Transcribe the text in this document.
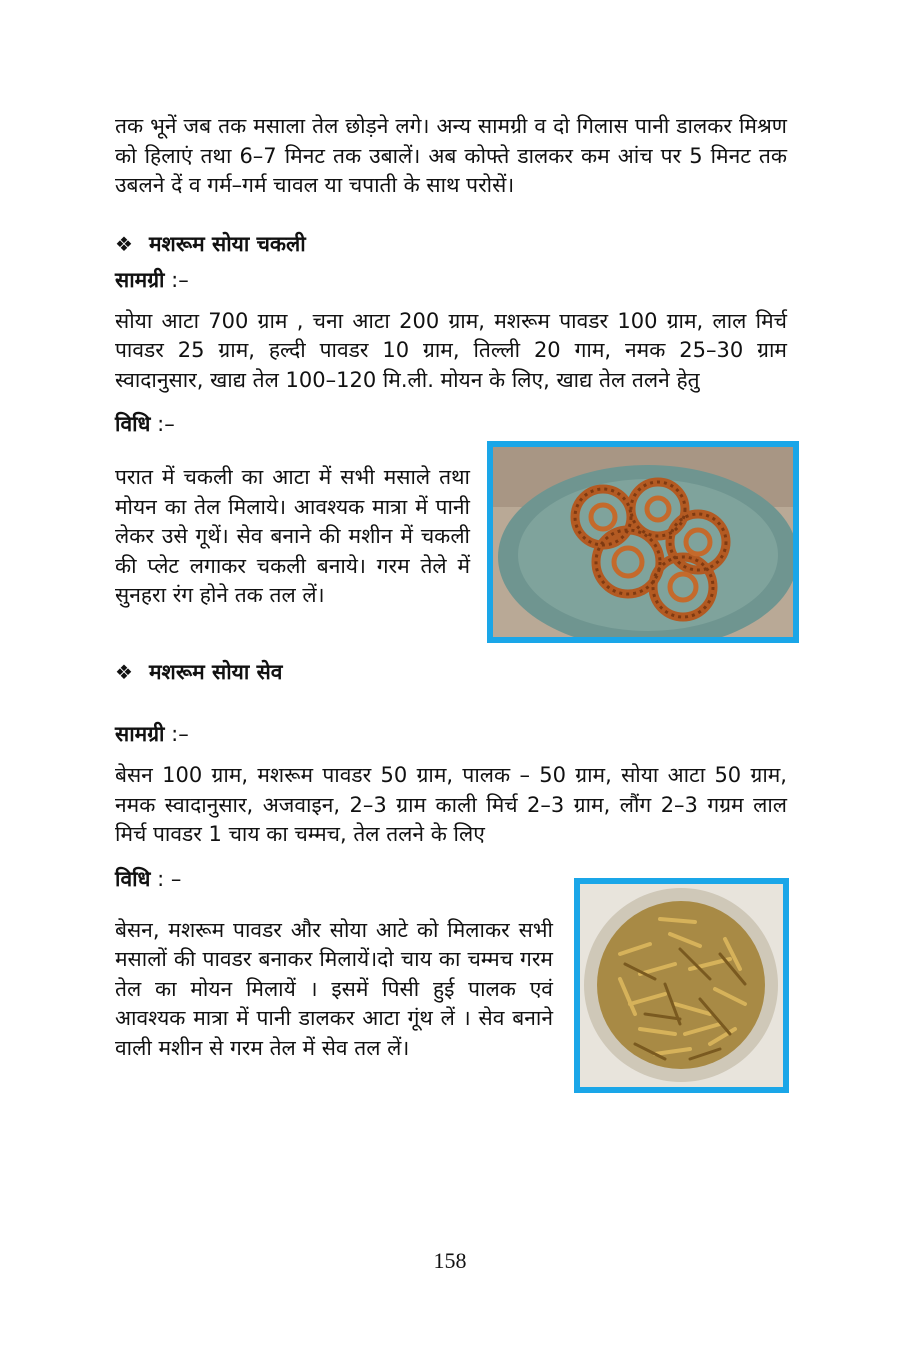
तक भूनें जब तक मसाला तेल छोड़ने लगे। अन्य सामग्री व दो गिलास पानी डालकर मिश्रण को हिलाएं तथा 6–7 मिनट तक उबालें। अब कोफ्ते डालकर कम आंच पर 5 मिनट तक उबलने दें व गर्म–गर्म चावल या चपाती के साथ परोसें।

❖ मशरूम सोया चकली

सामग्री :–

सोया आटा 700 ग्राम , चना आटा 200 ग्राम, मशरूम पावडर 100 ग्राम, लाल मिर्च पावडर 25 ग्राम, हल्दी पावडर 10 ग्राम, तिल्ली 20 गाम, नमक 25–30 ग्राम स्वादानुसार, खाद्य तेल 100–120 मि.ली. मोयन के लिए, खाद्य तेल तलने हेतु

विधि :–

परात में चकली का आटा में सभी मसाले तथा मोयन का तेल मिलाये। आवश्यक मात्रा में पानी लेकर उसे गूथें। सेव बनाने की मशीन में चकली की प्लेट लगाकर चकली बनाये। गरम तेले में सुनहरा रंग होने तक तल लें।

❖ मशरूम सोया सेव

सामग्री :–

बेसन 100 ग्राम, मशरूम पावडर 50 ग्राम, पालक – 50 ग्राम, सोया आटा 50 ग्राम, नमक स्वादानुसार, अजवाइन, 2–3 ग्राम काली मिर्च 2–3 ग्राम, लौंग 2–3 गग्रम लाल मिर्च पावडर 1 चाय का चम्मच, तेल तलने के लिए

विधि : –

बेसन, मशरूम पावडर और सोया आटे को मिलाकर सभी मसालों की पावडर बनाकर मिलायें।दो चाय का चम्मच गरम तेल का मोयन मिलायें । इसमें पिसी हुई पालक एवं आवश्यक मात्रा में पानी डालकर आटा गूंथ लें । सेव बनाने वाली मशीन से गरम तेल में सेव तल लें।

158
